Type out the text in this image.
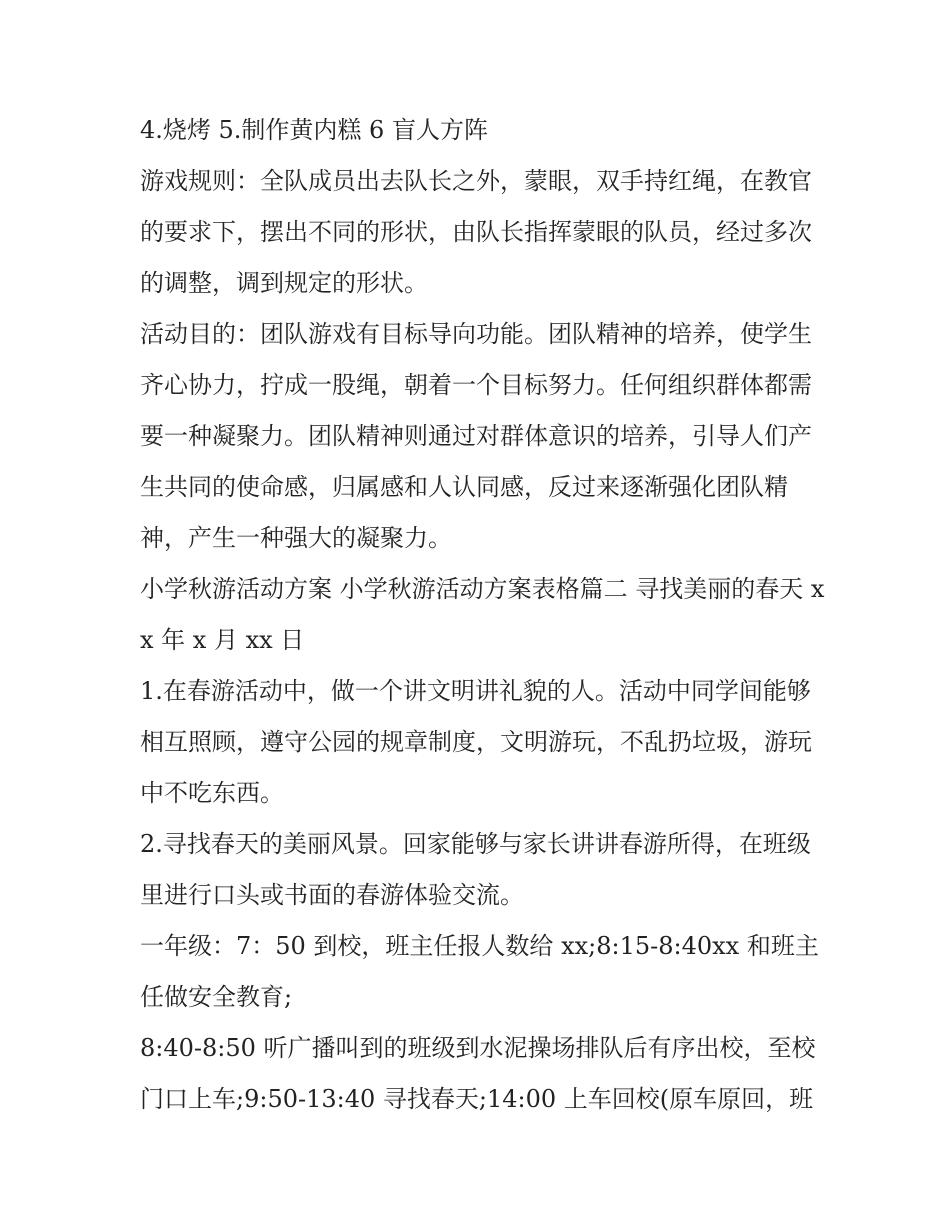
4.烧烤 5.制作黄内糕 6 盲人方阵

游戏规则：全队成员出去队长之外，蒙眼，双手持红绳，在教官的要求下，摆出不同的形状，由队长指挥蒙眼的队员，经过多次的调整，调到规定的形状。

活动目的：团队游戏有目标导向功能。团队精神的培养，使学生齐心协力，拧成一股绳，朝着一个目标努力。任何组织群体都需要一种凝聚力。团队精神则通过对群体意识的培养，引导人们产生共同的使命感，归属感和人认同感，反过来逐渐强化团队精神，产生一种强大的凝聚力。

小学秋游活动方案 小学秋游活动方案表格篇二 寻找美丽的春天 xx 年 x 月 xx 日

1.在春游活动中，做一个讲文明讲礼貌的人。活动中同学间能够相互照顾，遵守公园的规章制度，文明游玩，不乱扔垃圾，游玩中不吃东西。

2.寻找春天的美丽风景。回家能够与家长讲讲春游所得，在班级里进行口头或书面的春游体验交流。

一年级：7：50 到校，班主任报人数给 xx;8:15-8:40xx 和班主任做安全教育;

8:40-8:50 听广播叫到的班级到水泥操场排队后有序出校，至校门口上车;9:50-13:40 寻找春天;14:00 上车回校(原车原回，班
